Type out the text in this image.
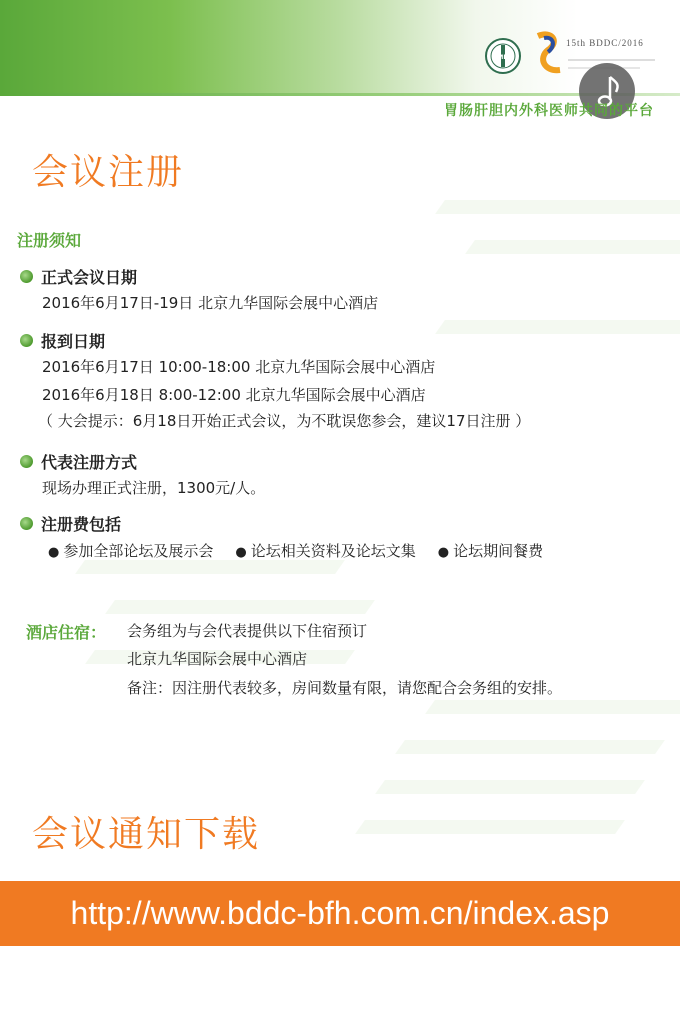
CMDA
15th BDDC/2016
胃肠肝胆内外科医师共同的平台
会议注册
注册须知
正式会议日期
2016年6月17日-19日 北京九华国际会展中心酒店
报到日期
2016年6月17日 10:00-18:00 北京九华国际会展中心酒店
2016年6月18日 8:00-12:00 北京九华国际会展中心酒店
（ 大会提示：6月18日开始正式会议，为不耽误您参会，建议17日注册 ）
代表注册方式
现场办理正式注册，1300元/人。
注册费包括
● 参加全部论坛及展示会	● 论坛相关资料及论坛文集	● 论坛期间餐费
酒店住宿： 会务组为与会代表提供以下住宿预订
北京九华国际会展中心酒店
备注：因注册代表较多，房间数量有限，请您配合会务组的安排。
会议通知下载
http://www.bddc-bfh.com.cn/index.asp
